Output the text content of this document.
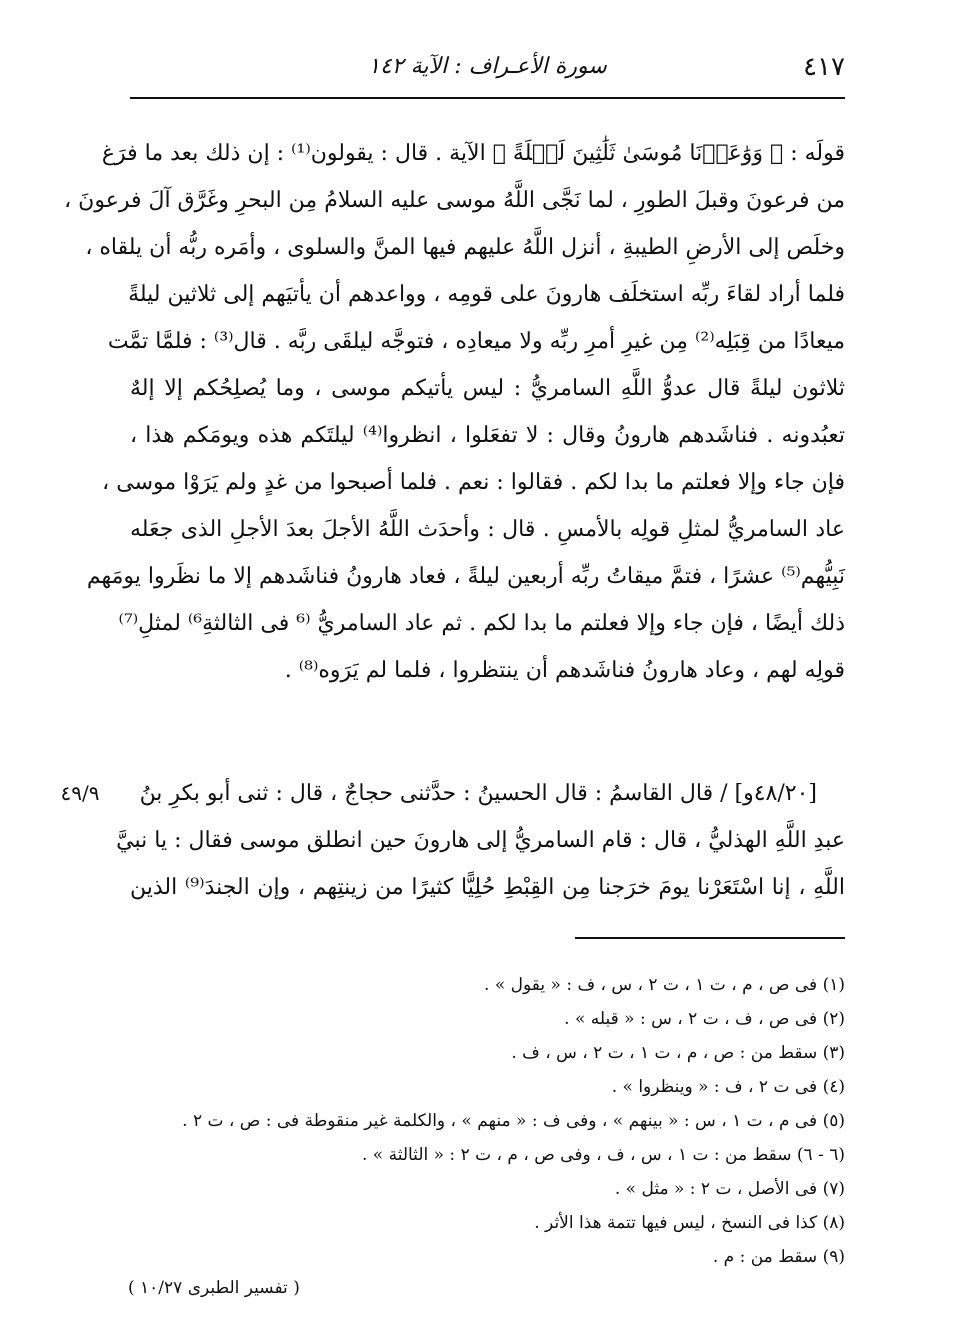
٤١٧
سورة الأعـراف : الآية ١٤٢
قولَه : ﴿ وَوَٰعَدۡنَا مُوسَىٰ ثَلَٰثِينَ لَيۡلَةً ﴾ الآية . قال : يقولون⁽¹⁾ : إن ذلك بعد ما فرَغ
من فرعونَ وقبلَ الطورِ ، لما نَجَّى اللَّهُ موسى عليه السلامُ مِن البحرِ وغَرَّق آلَ فرعونَ ،
وخلَص إلى الأرضِ الطيبةِ ، أنزل اللَّهُ عليهم فيها المنَّ والسلوى ، وأمَره ربُّه أن يلقاه ،
فلما أراد لقاءَ ربِّه استخلَف هارونَ على قومِه ، وواعدهم أن يأتيَهم إلى ثلاثين ليلةً
ميعادًا من قِبَلِه⁽²⁾ مِن غيرِ أمرِ ربِّه ولا ميعادِه ، فتوجَّه ليلقَى ربَّه . قال⁽³⁾ : فلمَّا تمَّت
ثلاثون ليلةً قال عدوُّ اللَّهِ السامريُّ : ليس يأتيكم موسى ، وما يُصلِحُكم إلا إلهٌ
تعبُدونه . فناشَدهم هارونُ وقال : لا تفعَلوا ، انظروا⁽⁴⁾ ليلتَكم هذه ويومَكم هذا ،
فإن جاء وإلا فعلتم ما بدا لكم . فقالوا : نعم . فلما أصبحوا من غدٍ ولم يَرَوْا موسى ،
عاد السامريُّ لمثلِ قولِه بالأمسِ . قال : وأحدَث اللَّهُ الأجلَ بعدَ الأجلِ الذى جعَله
نَبِيُّهم⁽⁵⁾ عشرًا ، فتمَّ ميقاتُ ربِّه أربعين ليلةً ، فعاد هارونُ فناشَدهم إلا ما نظَروا يومَهم
ذلك أيضًا ، فإن جاء وإلا فعلتم ما بدا لكم . ثم عاد السامريُّ ⁽⁶ فى الثالثةِ⁶⁾ لمثلِ⁽⁷⁾
قولِه لهم ، وعاد هارونُ فناشَدهم أن ينتظروا ، فلما لم يَرَوه⁽⁸⁾ .
٤٩/٩	[٤٨/٢٠و] / قال القاسمُ : قال الحسينُ : حدَّثنى حجاجٌ ، قال : ثنى أبو بكرِ بنُ
عبدِ اللَّهِ الهذليُّ ، قال : قام السامريُّ إلى هارونَ حين انطلق موسى فقال : يا نبيَّ
اللَّهِ ، إنا اسْتَعَرْنا يومَ خرَجنا مِن القِبْطِ حُلِيًّا كثيرًا من زينتِهم ، وإن الجندَ⁽⁹⁾ الذين
(١) فى ص ، م ، ت ١ ، ت ٢ ، س ، ف : « يقول » .
(٢) فى ص ، ف ، ت ٢ ، س : « قبله » .
(٣) سقط من : ص ، م ، ت ١ ، ت ٢ ، س ، ف .
(٤) فى ت ٢ ، ف : « وينظروا » .
(٥) فى م ، ت ١ ، س : « بينهم » ، وفى ف : « منهم » ، والكلمة غير منقوطة فى : ص ، ت ٢ .
(٦ - ٦) سقط من : ت ١ ، س ، ف ، وفى ص ، م ، ت ٢ : « الثالثة » .
(٧) فى الأصل ، ت ٢ : « مثل » .
(٨) كذا فى النسخ ، ليس فيها تتمة هذا الأثر .
(٩) سقط من : م .
( تفسير الطبرى ١٠/٢٧ )
